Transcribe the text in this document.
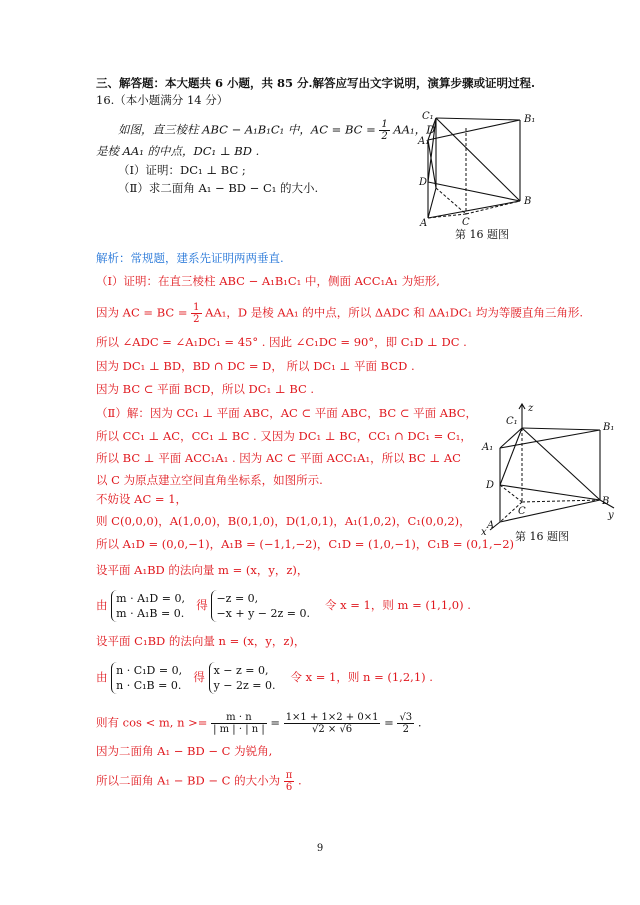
三、解答题：本大题共 6 小题，共 85 分.解答应写出文字说明，演算步骤或证明过程.
16.（本小题满分 14 分）
如图，直三棱柱 ABC − A₁B₁C₁ 中，AC = BC = $\frac{1}{2} AA_1$，D
是棱 AA₁ 的中点，DC₁ ⊥ BD .
（Ⅰ）证明：DC₁ ⊥ BC ;
（Ⅱ）求二面角 A₁ − BD − C₁ 的大小.
C₁	B₁
A₁
D
C
B
A
第 16 题图
解析：常规题，建系先证明两两垂直.
（Ⅰ）证明：在直三棱柱 ABC − A₁B₁C₁ 中，侧面 ACC₁A₁ 为矩形,
因为 AC = BC = $\frac{1}{2} AA_1$，D 是棱 AA₁ 的中点，所以 ΔADC 和 ΔA₁DC₁ 均为等腰直角三角形.
所以 ∠ADC = ∠A₁DC₁ = 45° . 因此 ∠C₁DC = 90°，即 C₁D ⊥ DC .
因为 DC₁ ⊥ BD，BD ∩ DC = D， 所以 DC₁ ⊥ 平面 BCD .
因为 BC ⊂ 平面 BCD，所以 DC₁ ⊥ BC .
（Ⅱ）解：因为 CC₁ ⊥ 平面 ABC，AC ⊂ 平面 ABC，BC ⊂ 平面 ABC，
所以 CC₁ ⊥ AC，CC₁ ⊥ BC . 又因为 DC₁ ⊥ BC，CC₁ ∩ DC₁ = C₁，
所以 BC ⊥ 平面 ACC₁A₁ . 因为 AC ⊂ 平面 ACC₁A₁，所以 BC ⊥ AC
以 C 为原点建立空间直角坐标系，如图所示.
不妨设 AC = 1，
则 C(0,0,0)，A(1,0,0)，B(0,1,0)，D(1,0,1)，A₁(1,0,2)，C₁(0,0,2)，
所以 A₁D = (0,0,−1)，A₁B = (−1,1,−2)，C₁D = (1,0,−1)，C₁B = (0,1,−2)
设平面 A₁BD 的法向量 m = (x，y，z)，
z
C₁
B₁
A₁
D
C
B
A
x
y
第 16 题图
由 m · A₁D = 0,
m · A₁B = 0.
得 −z = 0,
−x + y − 2z = 0.
令 x = 1，则 m = (1,1,0) .
设平面 C₁BD 的法向量 n = (x，y，z)，
由 n · C₁D = 0,
n · C₁B = 0.
得 x − z = 0,
y − 2z = 0.
令 x = 1，则 n = (1,2,1) .
则有 cos < m, $n >= \frac{m \cdot n}{| m | \cdot | n |} = \frac{1\times 1 + 1\times 2 + 0\times 1}{√2 \times √6} = \frac{√3}{2}$ .
因为二面角 A₁ − BD − C 为锐角,
所以二面角 A₁ − BD − C 的大小为 $\frac{\pi}{6}$ .
9
